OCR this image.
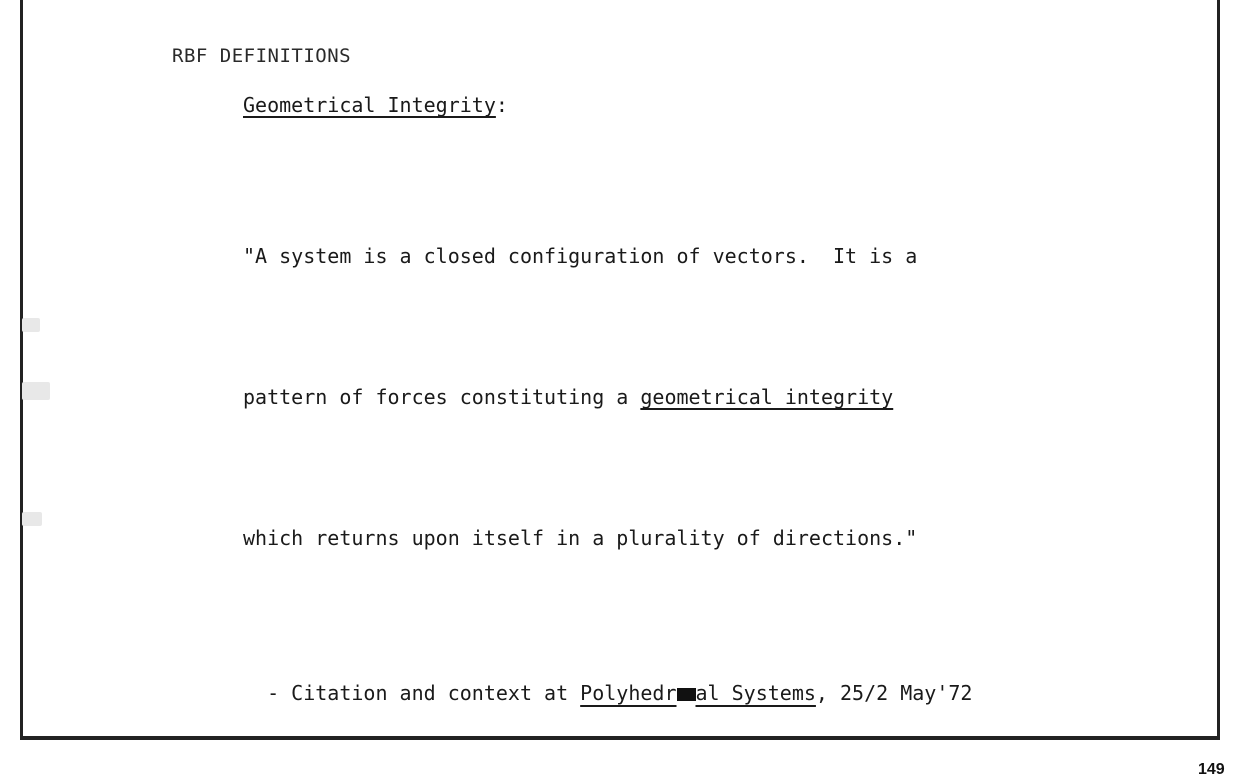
RBF DEFINITIONS
Geometrical Integrity:

"A system is a closed configuration of vectors.  It is a

pattern of forces constituting a geometrical integrity

which returns upon itself in a plurality of directions."

- Citation and context at Polyhedr al Systems, 25/2 May'72

149
